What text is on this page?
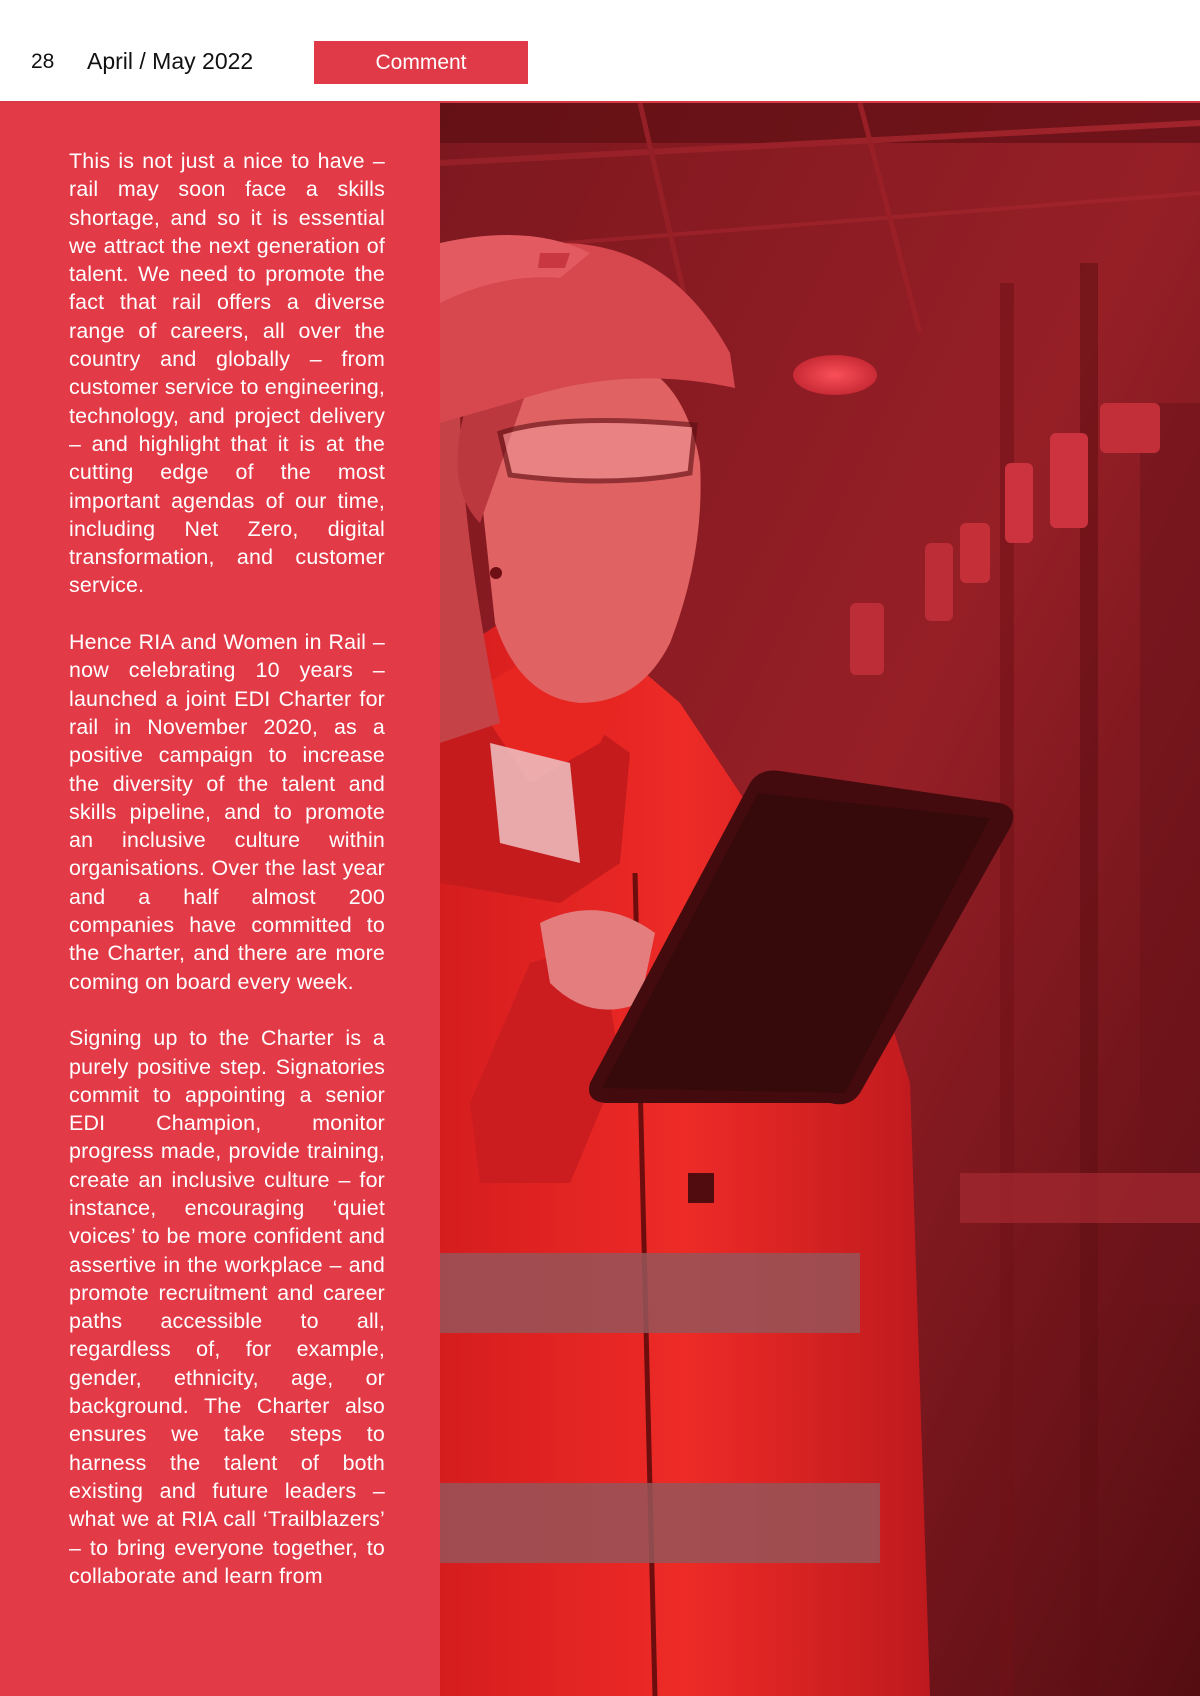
28 April / May 2022	Comment

This is not just a nice to have – rail may soon face a skills shortage, and so it is essential we attract the next generation of talent. We need to promote the fact that rail offers a diverse range of careers, all over the country and globally – from customer service to engineering, technology, and project delivery – and highlight that it is at the cutting edge of the most important agendas of our time, including Net Zero, digital transformation, and customer service.

Hence RIA and Women in Rail – now celebrating 10 years – launched a joint EDI Charter for rail in November 2020, as a positive campaign to increase the diversity of the talent and skills pipeline, and to promote an inclusive culture within organisations. Over the last year and a half almost 200 companies have committed to the Charter, and there are more coming on board every week.

Signing up to the Charter is a purely positive step. Signatories commit to appointing a senior EDI Champion, monitor progress made, provide training, create an inclusive culture – for instance, encouraging ‘quiet voices’ to be more confident and assertive in the workplace – and promote recruitment and career paths accessible to all, regardless of, for example, gender, ethnicity, age, or background. The Charter also ensures we take steps to harness the talent of both existing and future leaders – what we at RIA call ‘Trailblazers’ – to bring everyone together, to collaborate and learn from
